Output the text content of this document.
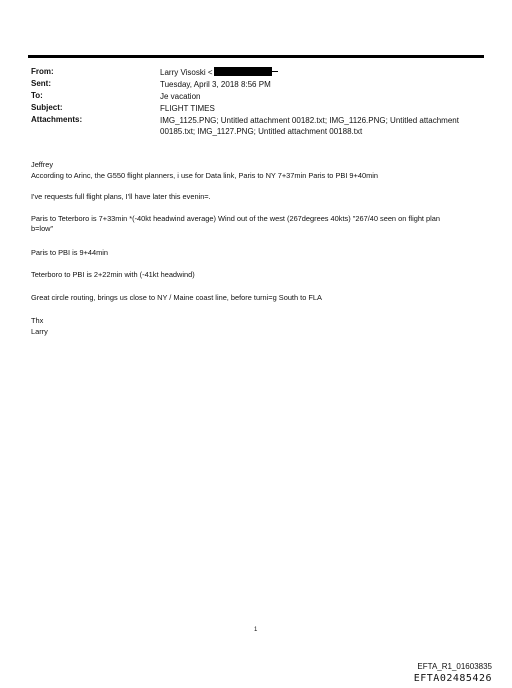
From:	Larry Visoski <
Sent:	Tuesday, April 3, 2018 8:56 PM
To:	Je vacation
Subject:	FLIGHT TIMES
Attachments:	IMG_1125.PNG; Untitled attachment 00182.txt; IMG_1126.PNG; Untitled attachment 00185.txt; IMG_1127.PNG; Untitled attachment 00188.txt

Jeffrey

According to Arinc, the G550 flight planners, i use for Data link, Paris to NY 7+37min Paris to PBI 9+40min

I've requests full flight plans, I'll have later this evenin=.

Paris to Teterboro is 7+33min *(-40kt headwind average) Wind out of the west (267degrees 40kts) "267/40 seen on flight plan b=low"

Paris to PBI is 9+44min

Teterboro to PBI is 2+22min with (-41kt headwind)

Great circle routing, brings us close to NY / Maine coast line, before turni=g South to FLA

Thx

Larry

1
EFTA_R1_01603835
EFTA02485426
